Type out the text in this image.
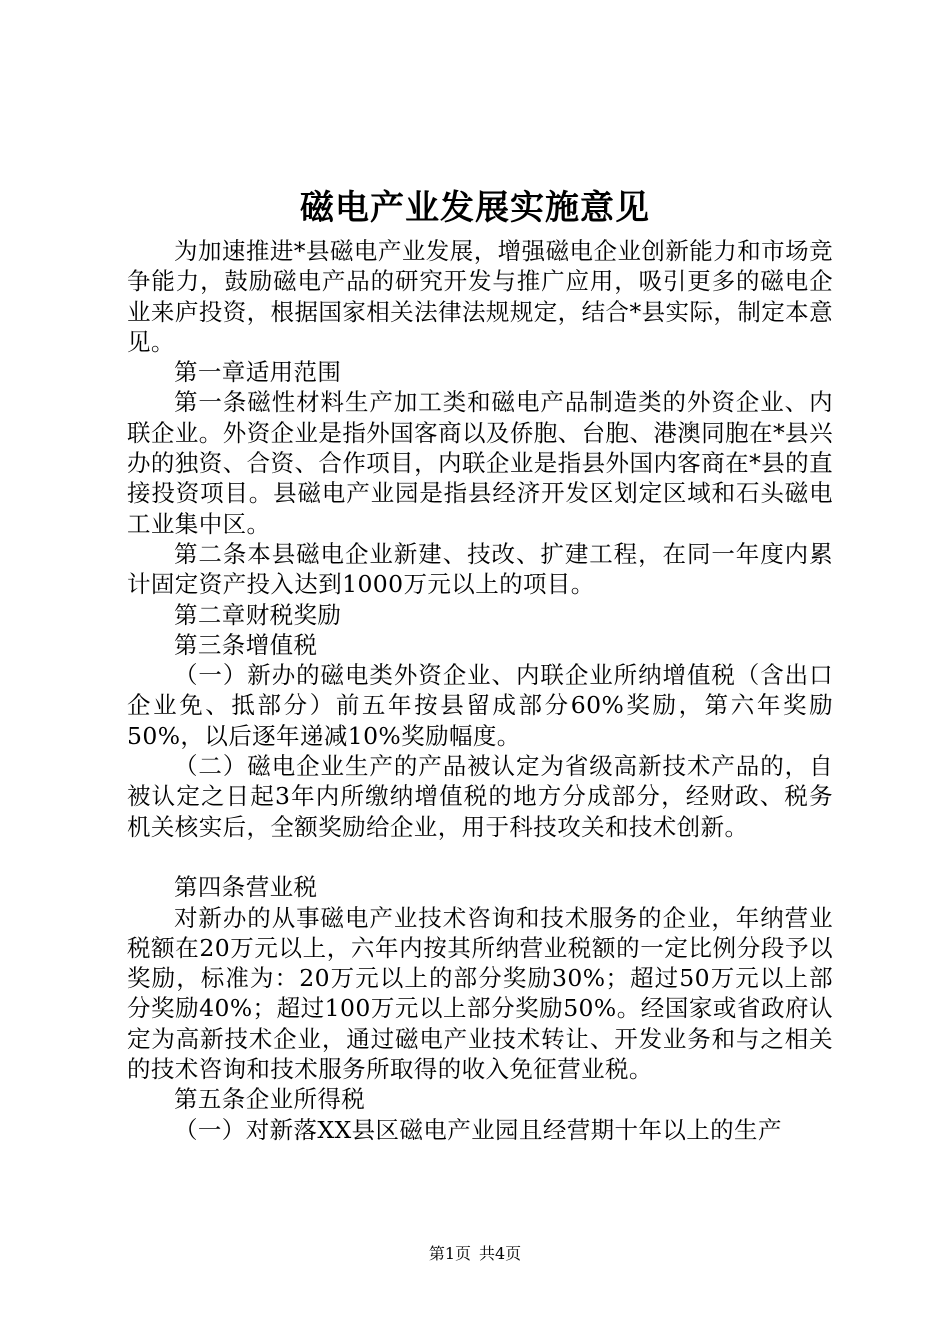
磁电产业发展实施意见

为加速推进*县磁电产业发展，增强磁电企业创新能力和市场竞争能力，鼓励磁电产品的研究开发与推广应用，吸引更多的磁电企业来庐投资，根据国家相关法律法规规定，结合*县实际，制定本意见。

第一章适用范围

第一条磁性材料生产加工类和磁电产品制造类的外资企业、内联企业。外资企业是指外国客商以及侨胞、台胞、港澳同胞在*县兴办的独资、合资、合作项目，内联企业是指县外国内客商在*县的直接投资项目。县磁电产业园是指县经济开发区划定区域和石头磁电工业集中区。

第二条本县磁电企业新建、技改、扩建工程，在同一年度内累计固定资产投入达到1000万元以上的项目。

第二章财税奖励

第三条增值税

（一）新办的磁电类外资企业、内联企业所纳增值税（含出口企业免、抵部分）前五年按县留成部分60%奖励，第六年奖励50%，以后逐年递减10%奖励幅度。

（二）磁电企业生产的产品被认定为省级高新技术产品的，自被认定之日起3年内所缴纳增值税的地方分成部分，经财政、税务机关核实后，全额奖励给企业，用于科技攻关和技术创新。

第四条营业税

对新办的从事磁电产业技术咨询和技术服务的企业，年纳营业税额在20万元以上，六年内按其所纳营业税额的一定比例分段予以奖励，标准为：20万元以上的部分奖励30%；超过50万元以上部分奖励40%；超过100万元以上部分奖励50%。经国家或省政府认定为高新技术企业，通过磁电产业技术转让、开发业务和与之相关的技术咨询和技术服务所取得的收入免征营业税。

第五条企业所得税

（一）对新落XX县区磁电产业园且经营期十年以上的生产

第1页 共4页
